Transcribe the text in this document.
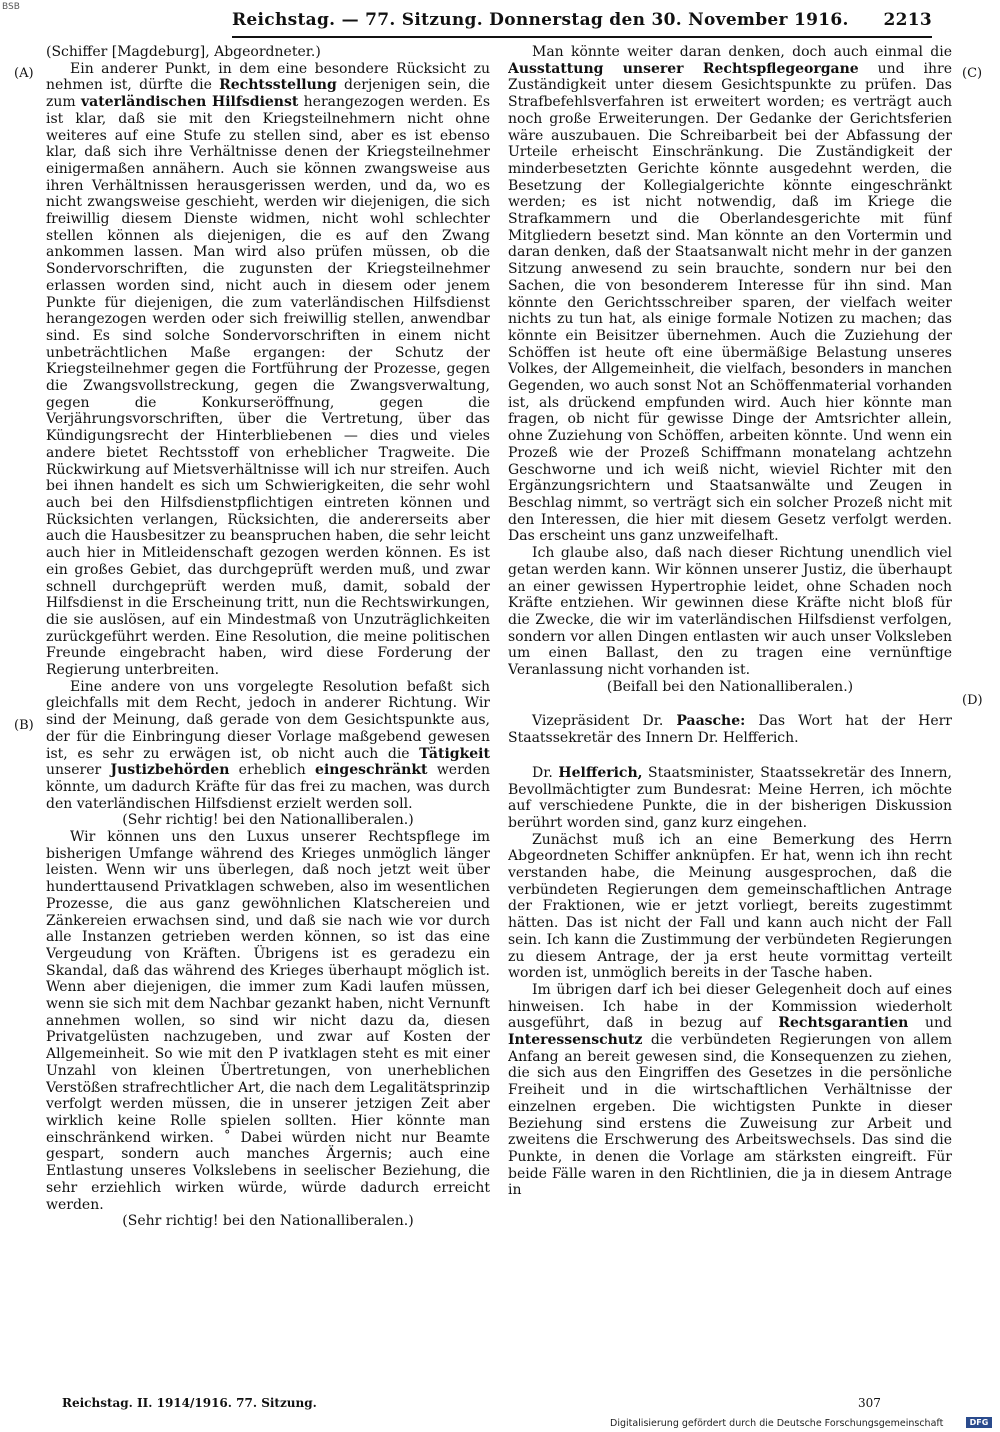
BSB
Reichstag. — 77. Sitzung. Donnerstag den 30. November 1916. 2213
(A)
(B)
(C)
(D)

(Schiffer [Magdeburg], Abgeordneter.)

Ein anderer Punkt, in dem eine besondere Rücksicht zu nehmen ist, dürfte die Rechtsstellung derjenigen sein, die zum vaterländischen Hilfsdienst herangezogen werden. Es ist klar, daß sie mit den Kriegsteilnehmern nicht ohne weiteres auf eine Stufe zu stellen sind, aber es ist ebenso klar, daß sich ihre Verhältnisse denen der Kriegsteilnehmer einigermaßen annähern. Auch sie können zwangsweise aus ihren Verhältnissen herausgerissen werden, und da, wo es nicht zwangsweise geschieht, werden wir diejenigen, die sich freiwillig diesem Dienste widmen, nicht wohl schlechter stellen können als diejenigen, die es auf den Zwang ankommen lassen. Man wird also prüfen müssen, ob die Sondervorschriften, die zugunsten der Kriegsteilnehmer erlassen worden sind, nicht auch in diesem oder jenem Punkte für diejenigen, die zum vaterländischen Hilfsdienst herangezogen werden oder sich freiwillig stellen, anwendbar sind. Es sind solche Sondervorschriften in einem nicht unbeträchtlichen Maße ergangen: der Schutz der Kriegsteilnehmer gegen die Fortführung der Prozesse, gegen die Zwangsvollstreckung, gegen die Zwangsverwaltung, gegen die Konkurseröffnung, gegen die Verjährungsvorschriften, über die Vertretung, über das Kündigungsrecht der Hinterbliebenen — dies und vieles andere bietet Rechtsstoff von erheblicher Tragweite. Die Rückwirkung auf Mietsverhältnisse will ich nur streifen. Auch bei ihnen handelt es sich um Schwierigkeiten, die sehr wohl auch bei den Hilfsdienstpflichtigen eintreten können und Rücksichten verlangen, Rücksichten, die andererseits aber auch die Hausbesitzer zu beanspruchen haben, die sehr leicht auch hier in Mitleidenschaft gezogen werden können. Es ist ein großes Gebiet, das durchgeprüft werden muß, und zwar schnell durchgeprüft werden muß, damit, sobald der Hilfsdienst in die Erscheinung tritt, nun die Rechtswirkungen, die sie auslösen, auf ein Mindestmaß von Unzuträglichkeiten zurückgeführt werden. Eine Resolution, die meine politischen Freunde eingebracht haben, wird diese Forderung der Regierung unterbreiten.

Eine andere von uns vorgelegte Resolution befaßt sich gleichfalls mit dem Recht, jedoch in anderer Richtung. Wir sind der Meinung, daß gerade von dem Gesichtspunkte aus, der für die Einbringung dieser Vorlage maßgebend gewesen ist, es sehr zu erwägen ist, ob nicht auch die Tätigkeit unserer Justizbehörden erheblich eingeschränkt werden könnte, um dadurch Kräfte für das frei zu machen, was durch den vaterländischen Hilfsdienst erzielt werden soll.

(Sehr richtig! bei den Nationalliberalen.)

Wir können uns den Luxus unserer Rechtspflege im bisherigen Umfange während des Krieges unmöglich länger leisten. Wenn wir uns überlegen, daß noch jetzt weit über hunderttausend Privatklagen schweben, also im wesentlichen Prozesse, die aus ganz gewöhnlichen Klatschereien und Zänkereien erwachsen sind, und daß sie nach wie vor durch alle Instanzen getrieben werden können, so ist das eine Vergeudung von Kräften. Übrigens ist es geradezu ein Skandal, daß das während des Krieges überhaupt möglich ist. Wenn aber diejenigen, die immer zum Kadi laufen müssen, wenn sie sich mit dem Nachbar gezankt haben, nicht Vernunft annehmen wollen, so sind wir nicht dazu da, diesen Privatgelüsten nachzugeben, und zwar auf Kosten der Allgemeinheit. So wie mit den P ivatklagen steht es mit einer Unzahl von kleinen Übertretungen, von unerheblichen Verstößen strafrechtlicher Art, die nach dem Legalitätsprinzip verfolgt werden müssen, die in unserer jetzigen Zeit aber wirklich keine Rolle spielen sollten. Hier könnte man einschränkend wirken. ˚ Dabei würden nicht nur Beamte gespart, sondern auch manches Ärgernis; auch eine Entlastung unseres Volkslebens in seelischer Beziehung, die sehr erziehlich wirken würde, würde dadurch erreicht werden.

(Sehr richtig! bei den Nationalliberalen.)

Man könnte weiter daran denken, doch auch einmal die Ausstattung unserer Rechtspflegeorgane und ihre Zuständigkeit unter diesem Gesichtspunkte zu prüfen. Das Strafbefehlsverfahren ist erweitert worden; es verträgt auch noch große Erweiterungen. Der Gedanke der Gerichtsferien wäre auszubauen. Die Schreibarbeit bei der Abfassung der Urteile erheischt Einschränkung. Die Zuständigkeit der minderbesetzten Gerichte könnte ausgedehnt werden, die Besetzung der Kollegialgerichte könnte eingeschränkt werden; es ist nicht notwendig, daß im Kriege die Strafkammern und die Oberlandesgerichte mit fünf Mitgliedern besetzt sind. Man könnte an den Vortermin und daran denken, daß der Staatsanwalt nicht mehr in der ganzen Sitzung anwesend zu sein brauchte, sondern nur bei den Sachen, die von besonderem Interesse für ihn sind. Man könnte den Gerichtsschreiber sparen, der vielfach weiter nichts zu tun hat, als einige formale Notizen zu machen; das könnte ein Beisitzer übernehmen. Auch die Zuziehung der Schöffen ist heute oft eine übermäßige Belastung unseres Volkes, der Allgemeinheit, die vielfach, besonders in manchen Gegenden, wo auch sonst Not an Schöffenmaterial vorhanden ist, als drückend empfunden wird. Auch hier könnte man fragen, ob nicht für gewisse Dinge der Amtsrichter allein, ohne Zuziehung von Schöffen, arbeiten könnte. Und wenn ein Prozeß wie der Prozeß Schiffmann monatelang achtzehn Geschworne und ich weiß nicht, wieviel Richter mit den Ergänzungsrichtern und Staatsanwälte und Zeugen in Beschlag nimmt, so verträgt sich ein solcher Prozeß nicht mit den Interessen, die hier mit diesem Gesetz verfolgt werden. Das erscheint uns ganz unzweifelhaft.

Ich glaube also, daß nach dieser Richtung unendlich viel getan werden kann. Wir können unserer Justiz, die überhaupt an einer gewissen Hypertrophie leidet, ohne Schaden noch Kräfte entziehen. Wir gewinnen diese Kräfte nicht bloß für die Zwecke, die wir im vaterländischen Hilfsdienst verfolgen, sondern vor allen Dingen entlasten wir auch unser Volksleben um einen Ballast, den zu tragen eine vernünftige Veranlassung nicht vorhanden ist.

(Beifall bei den Nationalliberalen.)

Vizepräsident Dr. Paasche: Das Wort hat der Herr Staatssekretär des Innern Dr. Helfferich.

Dr. Helfferich, Staatsminister, Staatssekretär des Innern, Bevollmächtigter zum Bundesrat: Meine Herren, ich möchte auf verschiedene Punkte, die in der bisherigen Diskussion berührt worden sind, ganz kurz eingehen.

Zunächst muß ich an eine Bemerkung des Herrn Abgeordneten Schiffer anknüpfen. Er hat, wenn ich ihn recht verstanden habe, die Meinung ausgesprochen, daß die verbündeten Regierungen dem gemeinschaftlichen Antrage der Fraktionen, wie er jetzt vorliegt, bereits zugestimmt hätten. Das ist nicht der Fall und kann auch nicht der Fall sein. Ich kann die Zustimmung der verbündeten Regierungen zu diesem Antrage, der ja erst heute vormittag verteilt worden ist, unmöglich bereits in der Tasche haben.

Im übrigen darf ich bei dieser Gelegenheit doch auf eines hinweisen. Ich habe in der Kommission wiederholt ausgeführt, daß in bezug auf Rechtsgarantien und Interessenschutz die verbündeten Regierungen von allem Anfang an bereit gewesen sind, die Konsequenzen zu ziehen, die sich aus den Eingriffen des Gesetzes in die persönliche Freiheit und in die wirtschaftlichen Verhältnisse der einzelnen ergeben. Die wichtigsten Punkte in dieser Beziehung sind erstens die Zuweisung zur Arbeit und zweitens die Erschwerung des Arbeitswechsels. Das sind die Punkte, in denen die Vorlage am stärksten eingreift. Für beide Fälle waren in den Richtlinien, die ja in diesem Antrage in

Reichstag. II. 1914/1916. 77. Sitzung.	307
Digitalisierung gefördert durch die Deutsche Forschungsgemeinschaft	DFG
